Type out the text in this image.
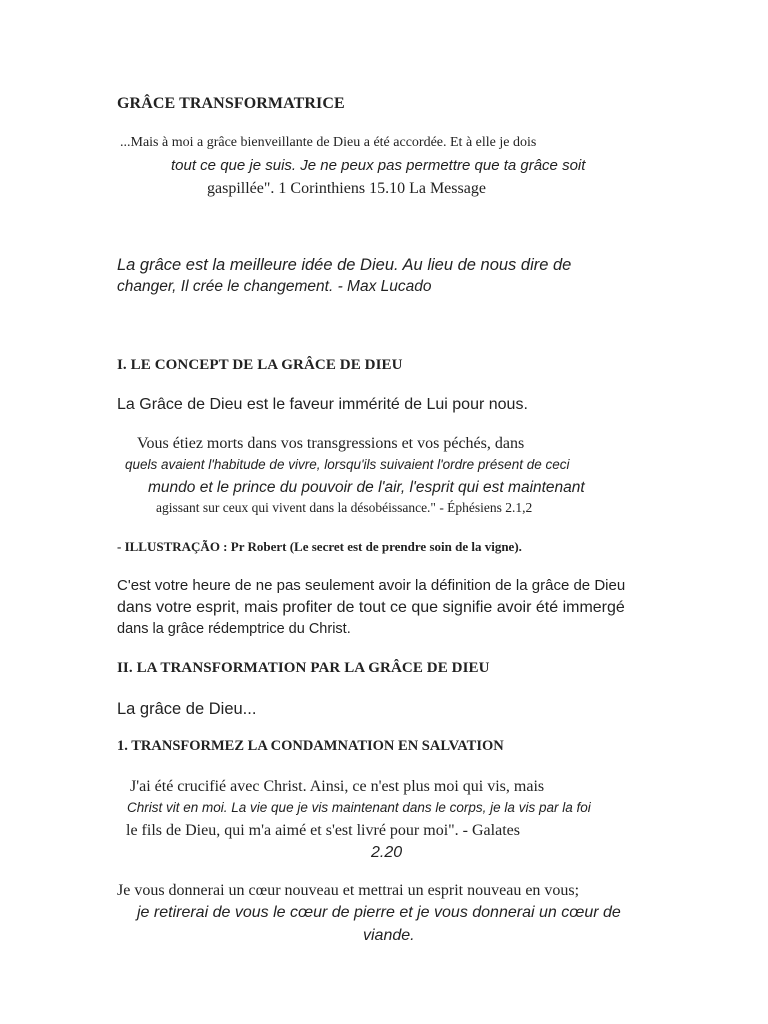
GRÂCE TRANSFORMATRICE

...Mais à moi a grâce bienveillante de Dieu a été accordée. Et à elle je dois

tout ce que je suis. Je ne peux pas permettre que ta grâce soit

gaspillée". 1 Corinthiens 15.10 La Message

La grâce est la meilleure idée de Dieu. Au lieu de nous dire de

changer, Il crée le changement. - Max Lucado

I. LE CONCEPT DE LA GRÂCE DE DIEU

La Grâce de Dieu est le faveur immérité de Lui pour nous.

Vous étiez morts dans vos transgressions et vos péchés, dans

quels avaient l'habitude de vivre, lorsqu'ils suivaient l'ordre présent de ceci

mundo et le prince du pouvoir de l'air, l'esprit qui est maintenant

agissant sur ceux qui vivent dans la désobéissance." - Éphésiens 2.1,2

- ILLUSTRAÇÃO : Pr Robert (Le secret est de prendre soin de la vigne).

C'est votre heure de ne pas seulement avoir la définition de la grâce de Dieu

dans votre esprit, mais profiter de tout ce que signifie avoir été immergé

dans la grâce rédemptrice du Christ.

II. LA TRANSFORMATION PAR LA GRÂCE DE DIEU

La grâce de Dieu...

1. TRANSFORMEZ LA CONDAMNATION EN SALVATION

J'ai été crucifié avec Christ. Ainsi, ce n'est plus moi qui vis, mais

Christ vit en moi. La vie que je vis maintenant dans le corps, je la vis par la foi

le fils de Dieu, qui m'a aimé et s'est livré pour moi". - Galates

2.20

Je vous donnerai un cœur nouveau et mettrai un esprit nouveau en vous;

je retirerai de vous le cœur de pierre et je vous donnerai un cœur de

viande.
